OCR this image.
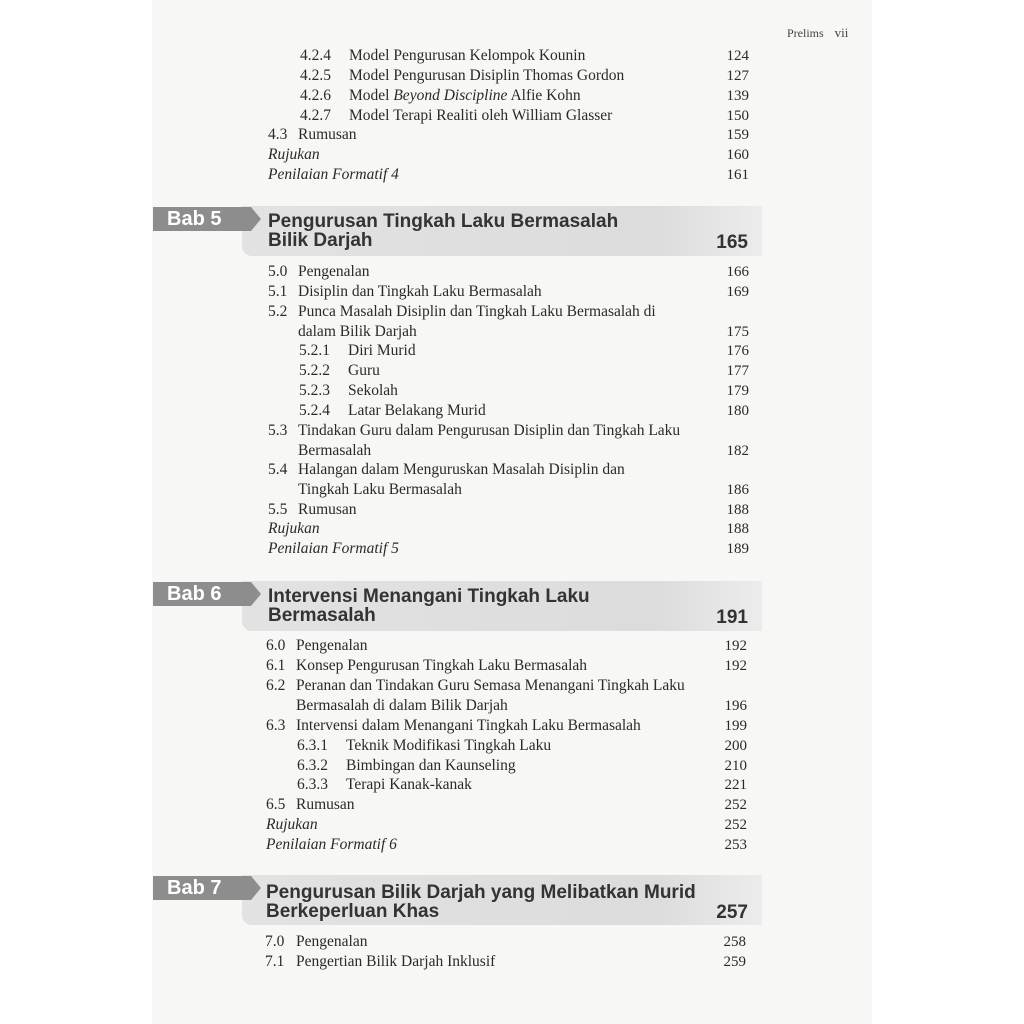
Prelims vii
4.2.4 Model Pengurusan Kelompok Kounin	124
4.2.5 Model Pengurusan Disiplin Thomas Gordon	127
4.2.6 Model Beyond Discipline Alfie Kohn	139
4.2.7 Model Terapi Realiti oleh William Glasser	150
4.3 Rumusan	159
Rujukan	160
Penilaian Formatif 4	161
Bab 5	Pengurusan Tingkah Laku Bermasalah
Bilik Darjah	165
5.0 Pengenalan	166
5.1 Disiplin dan Tingkah Laku Bermasalah	169
5.2 Punca Masalah Disiplin dan Tingkah Laku Bermasalah di
dalam Bilik Darjah	175
5.2.1 Diri Murid	176
5.2.2 Guru	177
5.2.3 Sekolah	179
5.2.4 Latar Belakang Murid	180
5.3 Tindakan Guru dalam Pengurusan Disiplin dan Tingkah Laku
Bermasalah	182
5.4 Halangan dalam Menguruskan Masalah Disiplin dan
Tingkah Laku Bermasalah	186
5.5 Rumusan	188
Rujukan	188
Penilaian Formatif 5	189
Bab 6	Intervensi Menangani Tingkah Laku
Bermasalah	191
6.0 Pengenalan	192
6.1 Konsep Pengurusan Tingkah Laku Bermasalah	192
6.2 Peranan dan Tindakan Guru Semasa Menangani Tingkah Laku
Bermasalah di dalam Bilik Darjah	196
6.3 Intervensi dalam Menangani Tingkah Laku Bermasalah	199
6.3.1 Teknik Modifikasi Tingkah Laku	200
6.3.2 Bimbingan dan Kaunseling	210
6.3.3 Terapi Kanak-kanak	221
6.5 Rumusan	252
Rujukan	252
Penilaian Formatif 6	253
Bab 7	Pengurusan Bilik Darjah yang Melibatkan Murid
Berkeperluan Khas	257
7.0 Pengenalan	258
7.1 Pengertian Bilik Darjah Inklusif	259
